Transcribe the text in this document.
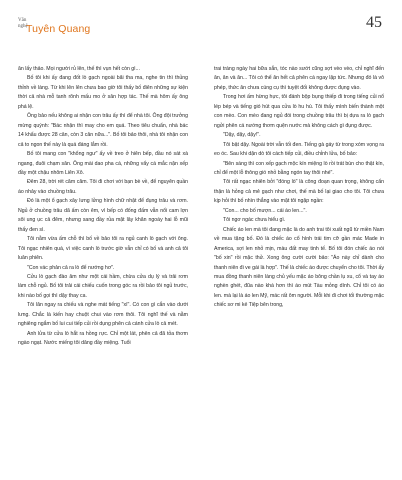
Văn
nghệ
Tuyên Quang	45

ăn lấy thảo. Mọi người rủ lên, thế thì vụn hết còn gì...

Bố tôi khi ấy đang đốt lò gạch ngoài bãi tha ma, nghe tin thì thủng thỉnh về làng. Từ khi lên lên chưa bao giờ tôi thấy bố điên những sự kiện thời cả nhà mỗ tanh rõnh mấu mo ở sân hợp tác. Thế mà hôm ấy ông phá lệ.

Ông bảo nếu không ai nhận con trâu ấy thì để nhà tôi. Ông đội trưởng mừng quýnh: "Bác nhận thì may cho em quá. Theo tiêu chuẩn, nhà bác 14 khẩu được 28 cân, còn 3 cân nữa...". Bố tôi bảo thôi, nhà tôi nhận con cả to ngon thế này là quá đáng lắm rồi.

Bố tôi mang con "khổng ngư" ấy về treo ở hiên bếp, đầu nó sát xà ngang, đuôi chạm sân. Ông mài dao pha cá, những vẩy cá mắc nặn xếp đầy một chậu nhôm Liên Xô.

Đêm 28, trời rét căm căm. Tôi đi chơi với bạn bè về, để nguyên quần áo nhảy vào chuồng trâu.

Đó là một ổ gạch xây lưng lửng hình chữ nhật để đụng trâu và rơm. Ngủ ở chuồng trâu dã ấm còn êm, vì bếp có đống đấm vẫn nổi cam lợn sôi ung ục cả đêm, nhưng sang đầy rủa mặt lây khăn ngoáy hai lỗ mũi thấy đen sì.

Tôi nằm vừa ấm chỗ thì bố về bảo tôi ra ngủ canh lò gạch với ông. Tôi ngạc nhiên quá, vì việc canh lò trước giờ vẫn chỉ có bố và anh cả tôi luân phiên.

"Con vác phản cả ra lò để nướng hơ".

Cửu lò gạch đào âm như một cái hầm, chừa cửa dụ lý và trải rơm làm chỗ ngủ. Bố tôi trải cái chiếu cuốn trong góc ra rồi bảo tôi ngủ trước, khi nào bố gọi thì dậy thay ca.

Tôi lăn ngay ra chiếu và nghe mát tiếng "xì". Có con gì cắn vào dưới lưng. Chắc là kiến hay chuột chui vào rơm thôi. Tôi nghĩ thế và nằm nghiêng ngắm bố lui cui tiếp củi rồi dụng phên cả cánh cửa lò cả mét.

Anh lửa từ cửa lò hắt ra hồng rực. Chỉ một lát, phên cả đã tỏa thơm ngào ngạt. Nước miếng tôi dâng đầy miệng. Tuổi

trai tráng ngày hai bữa sắn, tóc nào sướt cũng sợt vèo vèo, chỉ nghĩ đến ăn, ăn và ăn... Tôi có thể ăn hết cả phên cá ngay lập tức. Nhưng đó là vô phép, thức ăn chưa cúng cụ thì tuyệt đối không được đụng vào.

Trong hơi ấm hừng hực, tôi đánh bộp bụng thiếp đi trong tiếng củi nổ lép bép và tiếng gió hút qua cửa lò hu hú. Tôi thấy mình biến thành một con mèo. Con mèo đang ngủ đói trong chuồng trâu thì bị dựa ra lò gạch ngửi phên cá nướng thơm quện nước mà không cách gì đụng được.

"Dậy, dậy, dậy!".

Tôi bật dậy. Ngoài trời vẫn tối đen. Tiếng gà gáy từ trong xóm vọng ra eo óc. Sau khi dặn dò tôi cách tiếp củi, điều chỉnh lửa, bố bảo:

"Bên sáng thì con xếp gạch mộc kín miệng lò rồi trát bùn cho thật kín, chỉ để một lỗ thông gió nhỏ bằng ngón tay thôi nhé".

Tôi rất ngạc nhiên bởi "đóng lò" là công đoạn quan trọng, không cẩn thận là hỏng cả mẻ gạch như chơi, thế mà bố lại giao cho tôi. Tôi chưa kịp hỏi thì bố nhìn thẳng vào mặt tôi ngập ngần:

"Con... cho bố mượn... cái áo len...".

Tôi ngơ ngác chưa hiểu gì.

Chiếc áo len mà tôi đang mặc là do anh trai tôi xuất ngũ từ miền Nam về mua tặng bố. Đó là chiếc áo cổ hình trái tim cỡ gần mác Made in America, sợi len nhỏ mịn, màu đất may tinh tế. Bố tôi đón chiếc áo nói "bố xin" rồi mặc thử. Xong ông cười cười bảo: "Áo này chỉ dành cho thanh niên đi ve gái là hợp". Thế là chiếc áo được chuyển cho tôi. Thời ấy mua đồng thanh niên làng chủ yếu mặc áo bông chần lụ xu, cổ và tay áo nghèn ghét, đũa nào khá hơn thì áo mút Tàu mỏng dính. Chỉ tôi có áo len. mà lại là áo len Mỹ, mác rất ôm người. Mỗi khi đi chơi tối thường mặc chiếc sơ mi kẻ Tiệp bên trong,
